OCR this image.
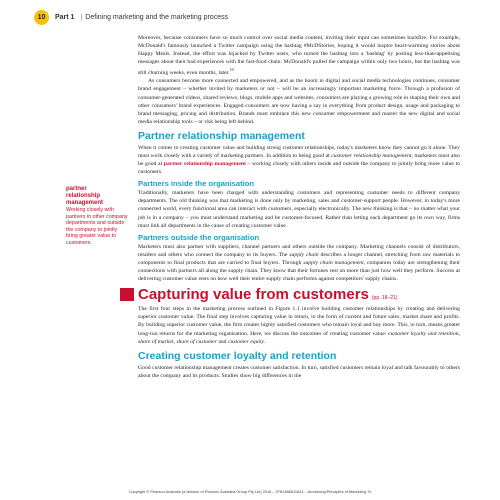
10	Part 1 | Defining marketing and the marketing process
partner
relationship
management
Working closely with partners in other company departments and outside the company to jointly bring greater value to customers.

Moreover, because consumers have so much control over social media content, inviting their input can sometimes backfire. For example, McDonald's famously launched a Twitter campaign using the hashtag #McDStories, hoping it would inspire heart-warming stories about Happy Meals. Instead, the effort was hijacked by Twitter users, who turned the hashtag into a 'bashtag' by posting less-than-appetising messages about their bad experiences with the fast-food chain. McDonald's pulled the campaign within only two hours, but the hashtag was still churning weeks, even months, later.$^{10}$

As consumers become more connected and empowered, and as the boom in digital and social media technologies continues, consumer brand engagement – whether invited by marketers or not – will be an increasingly important marketing force. Through a profusion of consumer-generated videos, shared reviews, blogs, mobile apps and websites, consumers are playing a growing role in shaping their own and other consumers' brand experiences. Engaged consumers are now having a say in everything from product design, usage and packaging to brand messaging, pricing and distribution. Brands must embrace this new consumer empowerment and master the new digital and social media relationship tools – or risk being left behind.

Partner relationship management

When it comes to creating customer value and building strong customer relationships, today's marketers know they cannot go it alone. They must work closely with a variety of marketing partners. In addition to being good at customer relationship management, marketers must also be good at partner relationship management – working closely with others inside and outside the company to jointly bring more value to customers.

Partners inside the organisation

Traditionally, marketers have been charged with understanding customers and representing customer needs to different company departments. The old thinking was that marketing is done only by marketing, sales and customer-support people. However, in today's more connected world, every functional area can interact with customers, especially electronically. The new thinking is that – no matter what your job is in a company – you must understand marketing and be customer-focused. Rather than letting each department go its own way, firms must link all departments in the cause of creating customer value.

Partners outside the organisation

Marketers must also partner with suppliers, channel partners and others outside the company. Marketing channels consist of distributors, retailers and others who connect the company to its buyers. The supply chain describes a longer channel, stretching from raw materials to components to final products that are carried to final buyers. Through supply chain management, companies today are strengthening their connections with partners all along the supply chain. They know that their fortunes rest on more than just how well they perform. Success at delivering customer value rests on how well their entire supply chain performs against competitors' supply chains.

Capturing value from customers (pp. 18–21)

The first four steps in the marketing process outlined in Figure 1.1 involve building customer relationships by creating and delivering superior customer value. The final step involves capturing value in return, in the form of current and future sales, market share and profits. By building superior customer value, the firm creates highly satisfied customers who remain loyal and buy more. This, in turn, means greater long-run returns for the marketing organisation. Here, we discuss the outcomes of creating customer value: customer loyalty and retention, share of market, share of customer and customer equity.

Creating customer loyalty and retention

Good customer relationship management creates customer satisfaction. In turn, satisfied customers remain loyal and talk favourably to others about the company and its products. Studies show big differences in the

Copyright © Pearson Australia (a division of Pearson Australia Group Pty Ltd) 2018 – 9781488611841 – Armstrong/Principles of Marketing 7e
